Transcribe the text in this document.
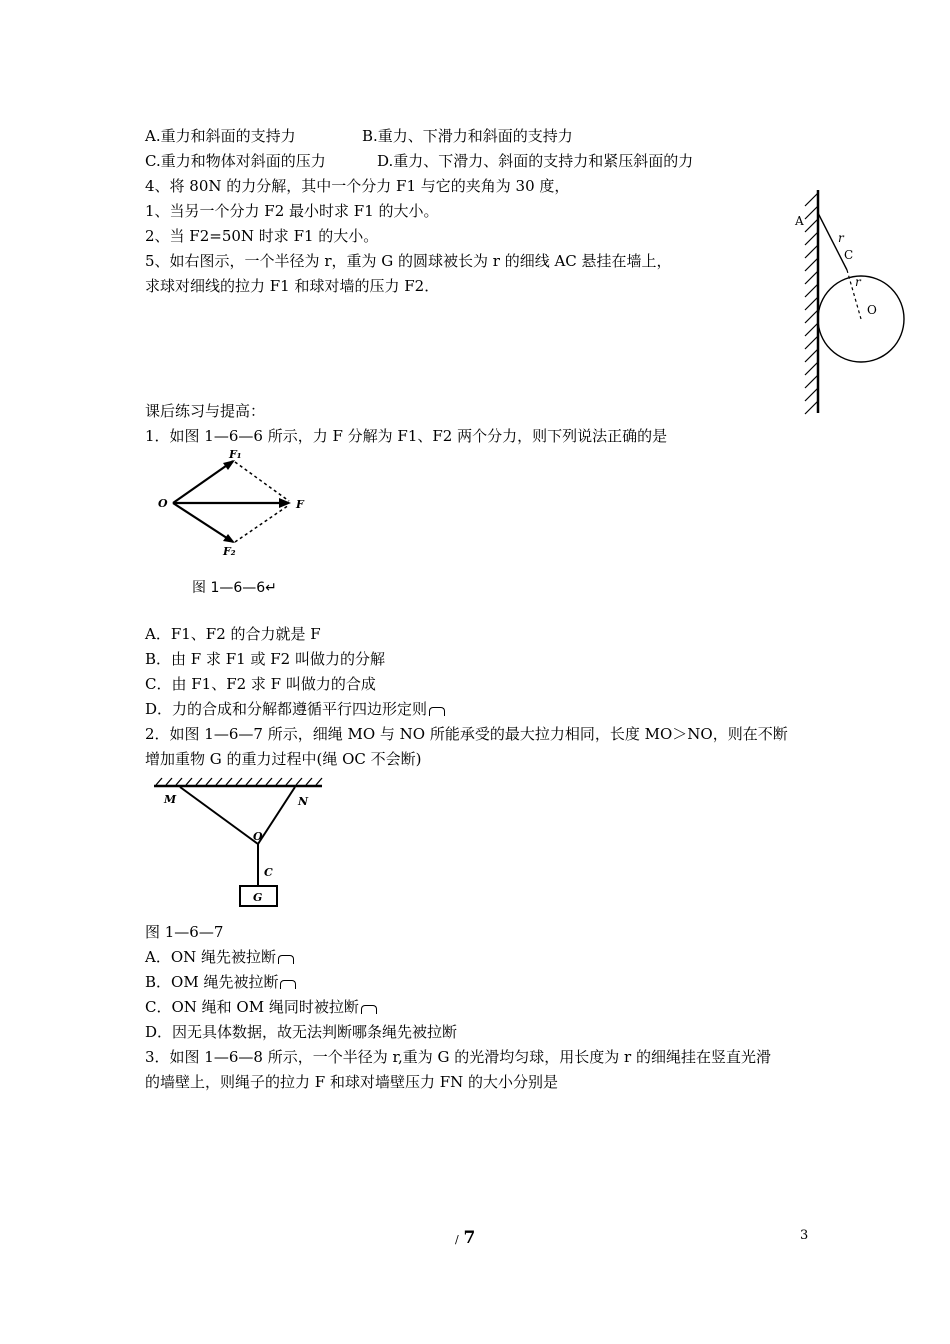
A.重力和斜面的支持力	B.重力、下滑力和斜面的支持力
C.重力和物体对斜面的压力	D.重力、下滑力、斜面的支持力和紧压斜面的力
4、将 80N 的力分解，其中一个分力 F1 与它的夹角为 30 度，
1、当另一个分力 F2 最小时求 F1 的大小。
2、当 F2=50N 时求 F1 的大小。
5、如右图示，一个半径为 r，重为 G 的圆球被长为 r 的细线 AC 悬挂在墙上，
求球对细线的拉力 F1 和球对墙的压力 F2．
A
r
C
r
O
课后练习与提高：
1．如图 1—6—6 所示，力 F 分解为 F1、F2 两个分力，则下列说法正确的是
O	F
F₁
F₂
图 1—6—6↵
A．F1、F2 的合力就是 F
B．由 F 求 F1 或 F2 叫做力的分解
C．由 F1、F2 求 F 叫做力的合成
D．力的合成和分解都遵循平行四边形定则
2．如图 1—6—7 所示，细绳 MO 与 NO 所能承受的最大拉力相同，长度 MO＞NO，则在不断
增加重物 G 的重力过程中(绳 OC 不会断)
M	N
O
C
G
图 1—6—7
A．ON 绳先被拉断
B．OM 绳先被拉断
C．ON 绳和 OM 绳同时被拉断
D．因无具体数据，故无法判断哪条绳先被拉断
3．如图 1—6—8 所示，一个半径为 r,重为 G 的光滑均匀球，用长度为 r 的细绳挂在竖直光滑
的墙壁上，则绳子的拉力 F 和球对墙壁压力 FN 的大小分别是
/ 7	3
